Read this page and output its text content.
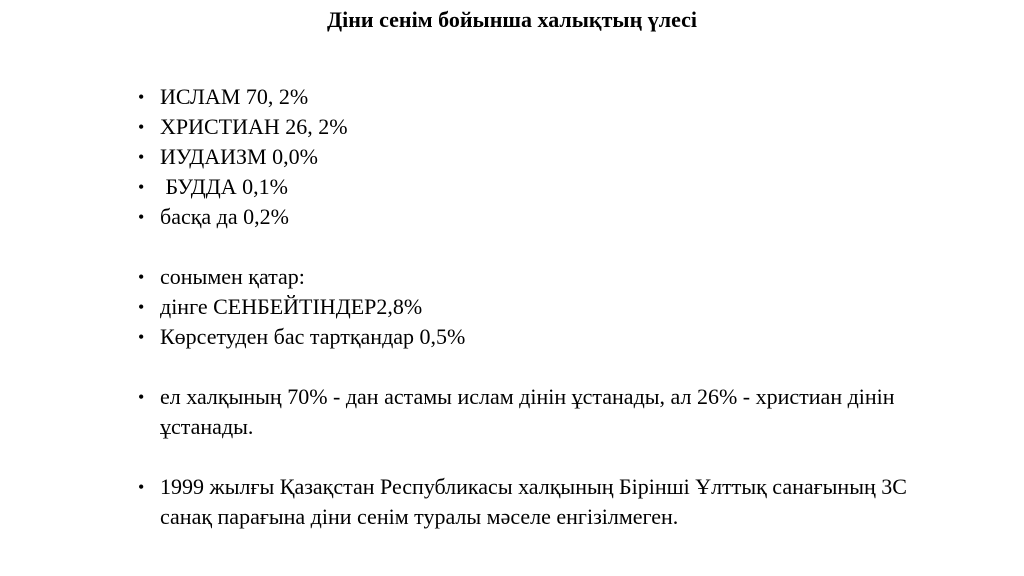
Діни сенім бойынша халықтың үлесі
• ИСЛАМ 70, 2%
• ХРИСТИАН 26, 2%
• ИУДАИЗМ 0,0%
• БУДДА 0,1%
• басқа да 0,2%
• сонымен қатар:
• дінге СЕНБЕЙТІНДЕР2,8%
• Көрсетуден бас тартқандар 0,5%
• ел халқының 70% - дан астамы ислам дінін ұстанады, ал 26% - христиан дінін ұстанады.
• 1999 жылғы Қазақстан Республикасы халқының Бірінші Ұлттық санағының 3С санақ парағына діни сенім туралы мәселе енгізілмеген.
